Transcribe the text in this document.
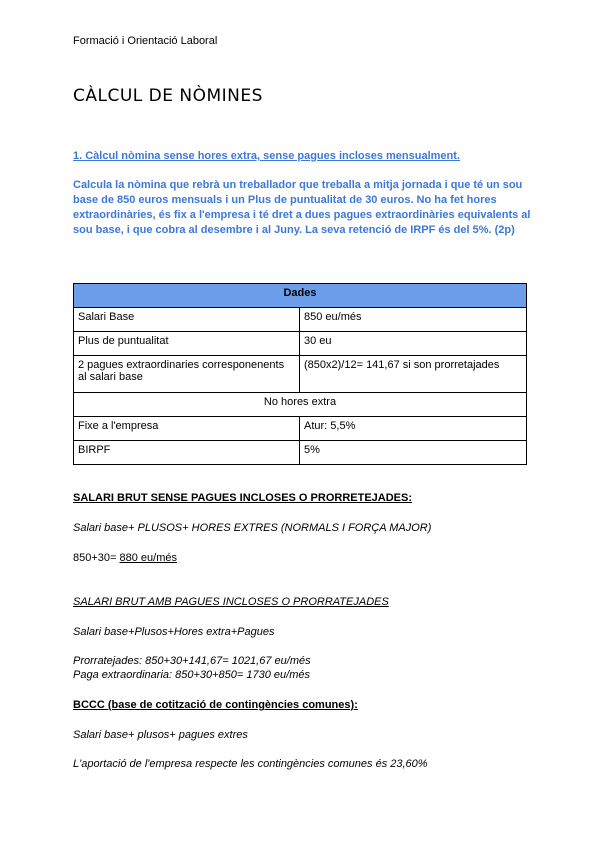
Formació i Orientació Laboral
CÀLCUL DE NÒMINES
1. Càlcul nòmina sense hores extra, sense pagues incloses mensualment.
Calcula la nòmina que rebrà un treballador que treballa a mitja jornada i que té un sou base de 850 euros mensuals i un Plus de puntualitat de 30 euros. No ha fet hores extraordinàries, és fix a l'empresa i té dret a dues pagues extraordinàries equivalents al sou base, i que cobra al desembre i al Juny. La seva retenció de IRPF és del 5%. (2p)
Dades	
Salari Base	850 eu/més
Plus de puntualitat	30 eu
2 pagues extraordinaries corresponenents al salari base	(850x2)/12= 141,67 si son prorretajades
No hores extra	
Fixe a l'empresa	Atur: 5,5%
BIRPF	5%
SALARI BRUT SENSE PAGUES INCLOSES O PRORRETEJADES:
Salari base+ PLUSOS+ HORES EXTRES (NORMALS I FORÇA MAJOR)
850+30= 880 eu/més
SALARI BRUT AMB PAGUES INCLOSES O PRORRATEJADES
Salari base+Plusos+Hores extra+Pagues
Prorratejades: 850+30+141,67= 1021,67 eu/més
Paga extraordinaria: 850+30+850= 1730 eu/més
BCCC (base de cotització de contingències comunes):
Salari base+ plusos+ pagues extres
L'aportació de l'empresa respecte les contingències comunes és 23,60%
